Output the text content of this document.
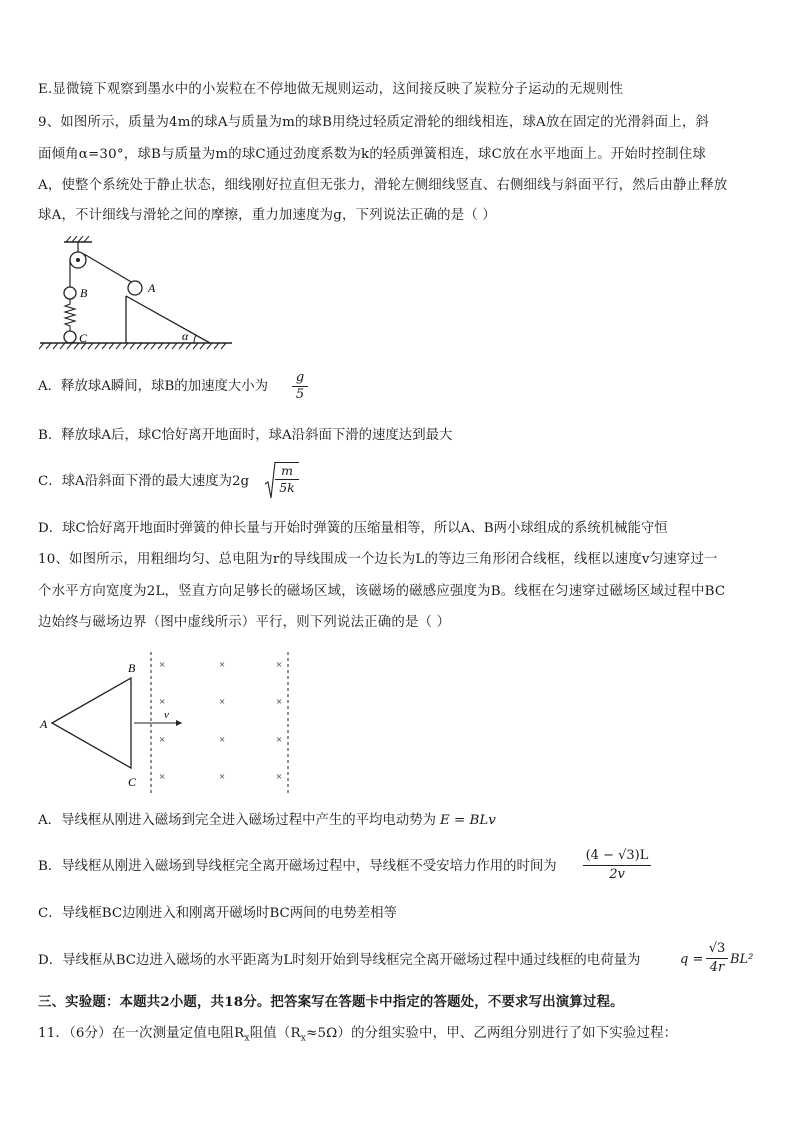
E.显微镜下观察到墨水中的小炭粒在不停地做无规则运动，这间接反映了炭粒分子运动的无规则性
9、如图所示，质量为4m的球A与质量为m的球B用绕过轻质定滑轮的细线相连，球A放在固定的光滑斜面上，斜
面倾角α=30°，球B与质量为m的球C通过劲度系数为k的轻质弹簧相连，球C放在水平地面上。开始时控制住球
A，使整个系统处于静止状态，细线刚好拉直但无张力，滑轮左侧细线竖直、右侧细线与斜面平行，然后由静止释放
球A，不计细线与滑轮之间的摩擦，重力加速度为g，下列说法正确的是（ ）
A
B
C	α
A．释放球A瞬间，球B的加速度大小为 $\frac{g}{5}$
B．释放球A后，球C恰好离开地面时，球A沿斜面下滑的速度达到最大
C．球A沿斜面下滑的最大速度为$2g \frac{m}{5k}$
D．球C恰好离开地面时弹簧的伸长量与开始时弹簧的压缩量相等，所以A、B两小球组成的系统机械能守恒
10、如图所示，用粗细均匀、总电阻为r的导线围成一个边长为L的等边三角形闭合线框，线框以速度v匀速穿过一
个水平方向宽度为2L，竖直方向足够长的磁场区域，该磁场的磁感应强度为B。线框在匀速穿过磁场区域过程中BC
边始终与磁场边界（图中虚线所示）平行，则下列说法正确的是（ ）
v
A
B
C
×	×	×
×	×	×
×	×	×
×	×	×
A．导线框从刚进入磁场到完全进入磁场过程中产生的平均电动势为 E = BLv
B．导线框从刚进入磁场到导线框完全离开磁场过程中，导线框不受安培力作用的时间为 $\frac{(4 - √3)L}{2v}$
C．导线框BC边刚进入和刚离开磁场时BC两间的电势差相等
D．导线框从BC边进入磁场的水平距离为L时刻开始到导线框完全离开磁场过程中通过线框的电荷量为	$q = \frac{√3}{4r} BL^2$
三、实验题：本题共2小题，共18分。把答案写在答题卡中指定的答题处，不要求写出演算过程。
11．（6分）在一次测量定值电阻$R_x$阻值$(R_x\approx 5\Omega)$的分组实验中，甲、乙两组分别进行了如下实验过程：
